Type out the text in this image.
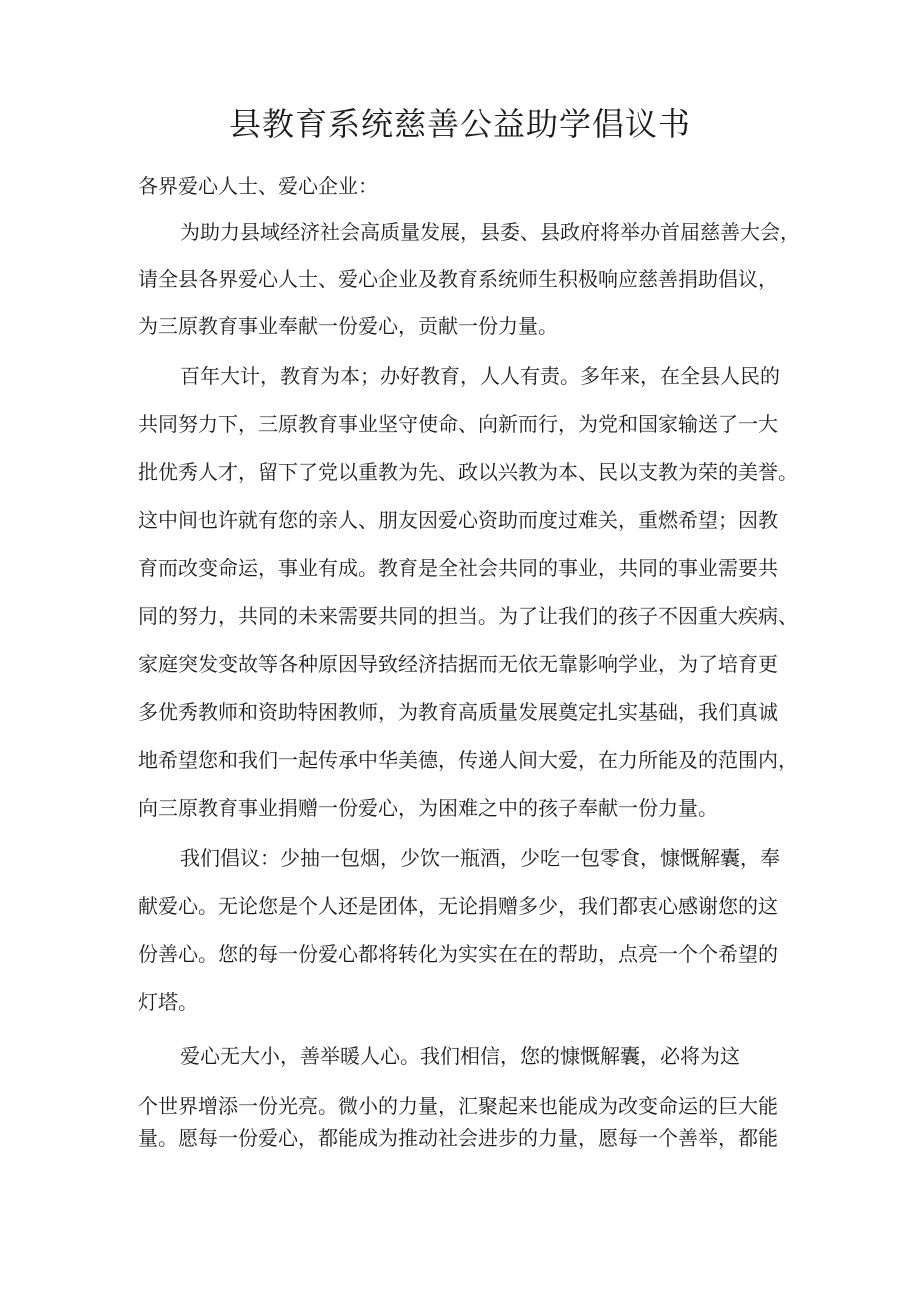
县教育系统慈善公益助学倡议书

各界爱心人士、爱心企业：

为助力县域经济社会高质量发展，县委、县政府将举办首届慈善大会，

请全县各界爱心人士、爱心企业及教育系统师生积极响应慈善捐助倡议，

为三原教育事业奉献一份爱心，贡献一份力量。

百年大计，教育为本；办好教育，人人有责。多年来，在全县人民的

共同努力下，三原教育事业坚守使命、向新而行，为党和国家输送了一大

批优秀人才，留下了党以重教为先、政以兴教为本、民以支教为荣的美誉。

这中间也许就有您的亲人、朋友因爱心资助而度过难关，重燃希望；因教

育而改变命运，事业有成。教育是全社会共同的事业，共同的事业需要共

同的努力，共同的未来需要共同的担当。为了让我们的孩子不因重大疾病、

家庭突发变故等各种原因导致经济拮据而无依无靠影响学业，为了培育更

多优秀教师和资助特困教师，为教育高质量发展奠定扎实基础，我们真诚

地希望您和我们一起传承中华美德，传递人间大爱，在力所能及的范围内，

向三原教育事业捐赠一份爱心，为困难之中的孩子奉献一份力量。

我们倡议：少抽一包烟，少饮一瓶酒，少吃一包零食，慷慨解囊，奉

献爱心。无论您是个人还是团体，无论捐赠多少，我们都衷心感谢您的这

份善心。您的每一份爱心都将转化为实实在在的帮助，点亮一个个希望的

灯塔。

爱心无大小，善举暖人心。我们相信，您的慷慨解囊，必将为这

个世界增添一份光亮。微小的力量，汇聚起来也能成为改变命运的巨大能

量。愿每一份爱心，都能成为推动社会进步的力量，愿每一个善举，都能
